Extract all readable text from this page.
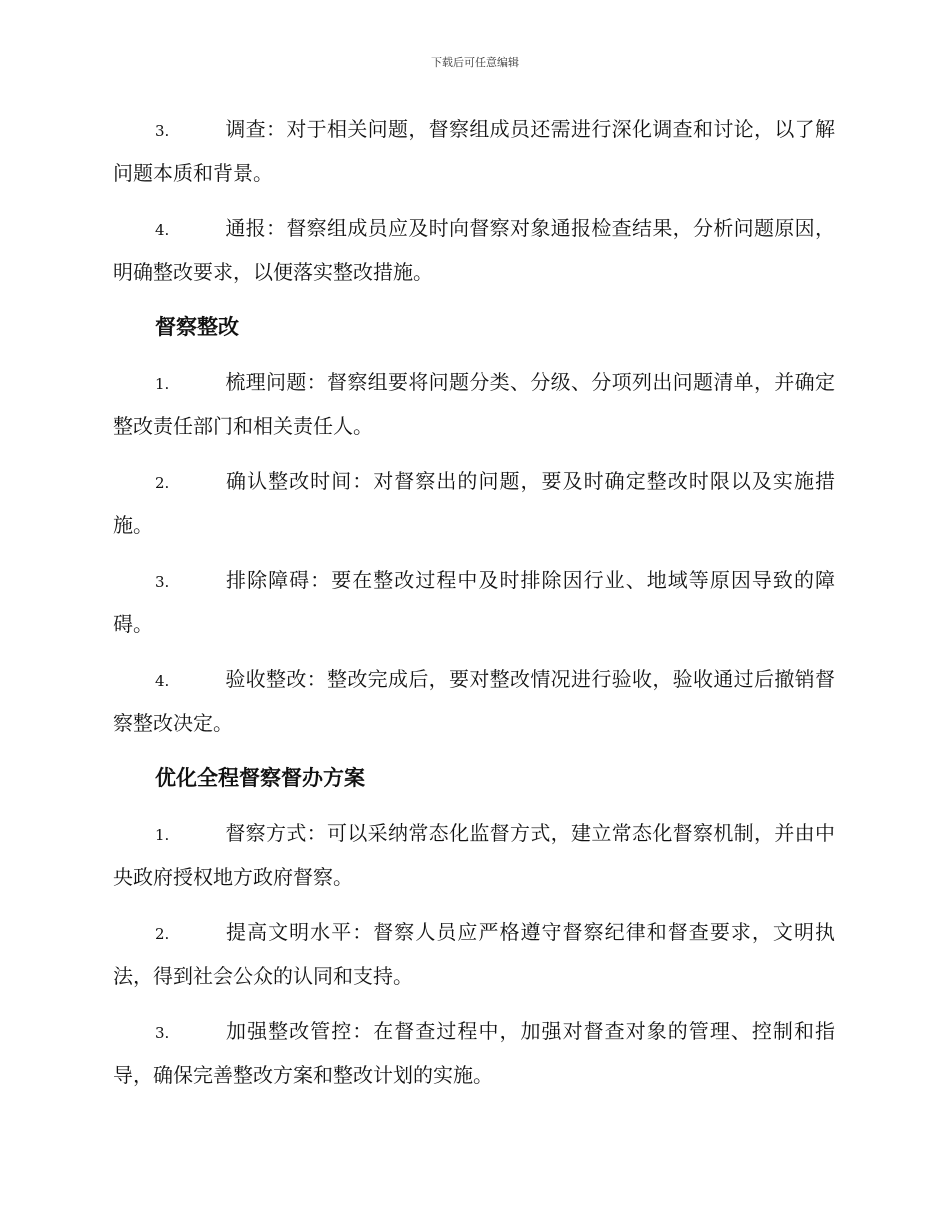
下载后可任意编辑

3.	调查：对于相关问题，督察组成员还需进行深化调查和讨论，以了解问题本质和背景。

4.	通报：督察组成员应及时向督察对象通报检查结果，分析问题原因，明确整改要求，以便落实整改措施。

督察整改

1.	梳理问题：督察组要将问题分类、分级、分项列出问题清单，并确定整改责任部门和相关责任人。

2.	确认整改时间：对督察出的问题，要及时确定整改时限以及实施措施。

3.	排除障碍：要在整改过程中及时排除因行业、地域等原因导致的障碍。

4.	验收整改：整改完成后，要对整改情况进行验收，验收通过后撤销督察整改决定。

优化全程督察督办方案

1.	督察方式：可以采纳常态化监督方式，建立常态化督察机制，并由中央政府授权地方政府督察。

2.	提高文明水平：督察人员应严格遵守督察纪律和督查要求，文明执法，得到社会公众的认同和支持。

3.	加强整改管控：在督查过程中，加强对督查对象的管理、控制和指导，确保完善整改方案和整改计划的实施。
